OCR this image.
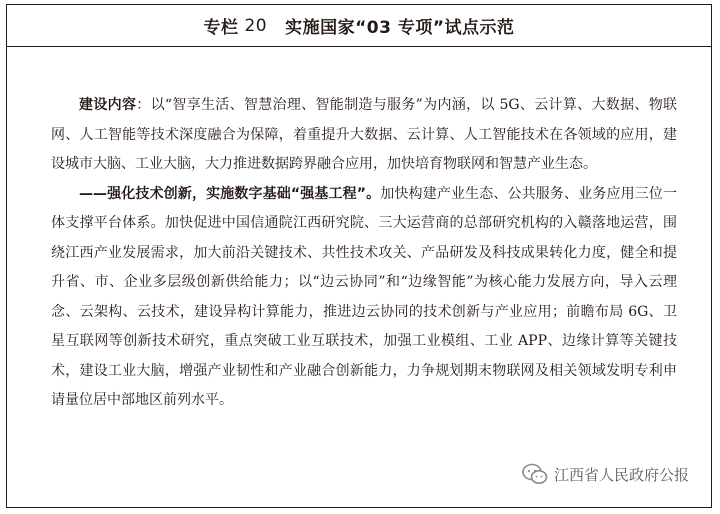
专栏 20 实施国家“03 专项”试点示范

建设内容：以“智享生活、智慧治理、智能制造与服务”为内涵，以 5G、云计算、大数据、物联网、人工智能等技术深度融合为保障，着重提升大数据、云计算、人工智能技术在各领域的应用，建设城市大脑、工业大脑，大力推进数据跨界融合应用，加快培育物联网和智慧产业生态。

——强化技术创新，实施数字基础“强基工程”。加快构建产业生态、公共服务、业务应用三位一体支撑平台体系。加快促进中国信通院江西研究院、三大运营商的总部研究机构的入赣落地运营，围绕江西产业发展需求，加大前沿关键技术、共性技术攻关、产品研发及科技成果转化力度，健全和提升省、市、企业多层级创新供给能力；以“边云协同”和“边缘智能”为核心能力发展方向，导入云理念、云架构、云技术，建设异构计算能力，推进边云协同的技术创新与产业应用；前瞻布局 6G、卫星互联网等创新技术研究，重点突破工业互联技术，加强工业模组、工业 APP、边缘计算等关键技术，建设工业大脑，增强产业韧性和产业融合创新能力，力争规划期末物联网及相关领域发明专利申请量位居中部地区前列水平。

江西省人民政府公报
